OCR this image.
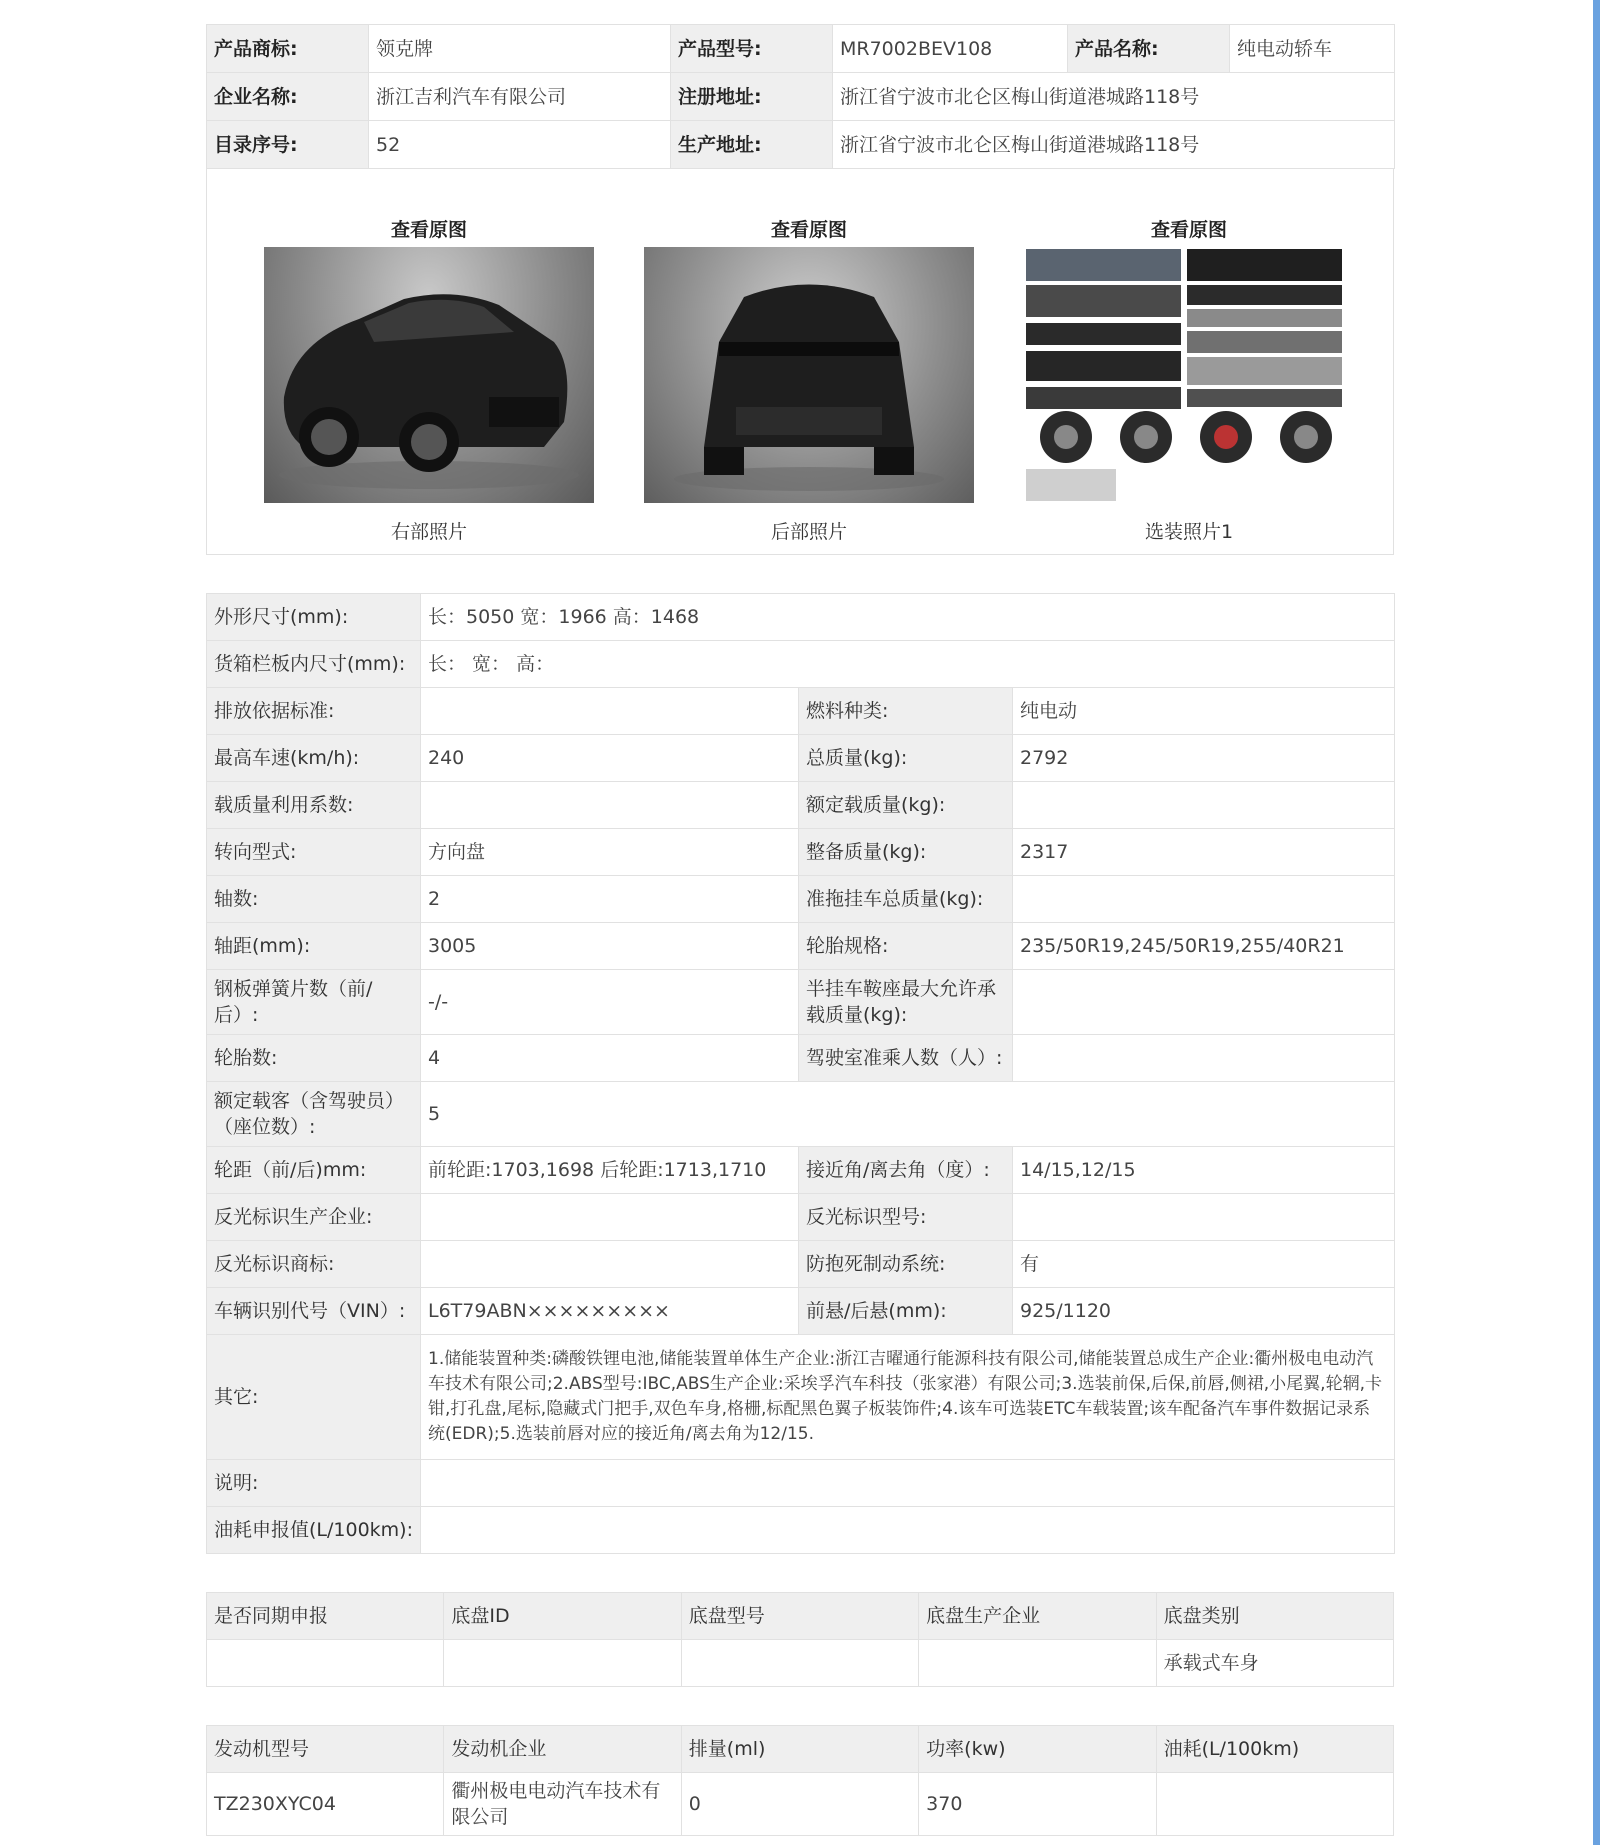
产品商标:	领克牌	产品型号:	MR7002BEV108	产品名称:	纯电动轿车
企业名称:	浙江吉利汽车有限公司	注册地址:	浙江省宁波市北仑区梅山街道港城路118号		
目录序号:	52	生产地址:	浙江省宁波市北仑区梅山街道港城路118号		
查看原图
右部照片
查看原图
后部照片
查看原图
选装照片1
外形尺寸(mm):	长：5050 宽：1966 高：1468		
货箱栏板内尺寸(mm):	长： 宽： 高：		
排放依据标准:		燃料种类:	纯电动
最高车速(km/h):	240	总质量(kg):	2792
载质量利用系数:		额定载质量(kg):	
转向型式:	方向盘	整备质量(kg):	2317
轴数:	2	准拖挂车总质量(kg):	
轴距(mm):	3005	轮胎规格:	235/50R19,245/50R19,255/40R21
钢板弹簧片数（前/后）:	-/-	半挂车鞍座最大允许承载质量(kg):	
轮胎数:	4	驾驶室准乘人数（人）:	
额定载客（含驾驶员）（座位数）:	5		
轮距（前/后)mm:	前轮距:1703,1698 后轮距:1713,1710	接近角/离去角（度）:	14/15,12/15
反光标识生产企业:		反光标识型号:	
反光标识商标:		防抱死制动系统:	有
车辆识别代号（VIN）:	L6T79ABN×××××××××	前悬/后悬(mm):	925/1120
其它:	1.储能装置种类:磷酸铁锂电池,储能装置单体生产企业:浙江吉曜通行能源科技有限公司,储能装置总成生产企业:衢州极电电动汽车技术有限公司;2.ABS型号:IBC,ABS生产企业:采埃孚汽车科技（张家港）有限公司;3.选装前保,后保,前唇,侧裙,小尾翼,轮辋,卡钳,打孔盘,尾标,隐藏式门把手,双色车身,格栅,标配黑色翼子板装饰件;4.该车可选装ETC车载装置;该车配备汽车事件数据记录系统(EDR);5.选装前唇对应的接近角/离去角为12/15.		
说明:			
油耗申报值(L/100km):			
是否同期申报	底盘ID	底盘型号	底盘生产企业	底盘类别
				承载式车身
发动机型号	发动机企业	排量(ml)	功率(kw)	油耗(L/100km)
TZ230XYC04	衢州极电电动汽车技术有限公司	0	370	
